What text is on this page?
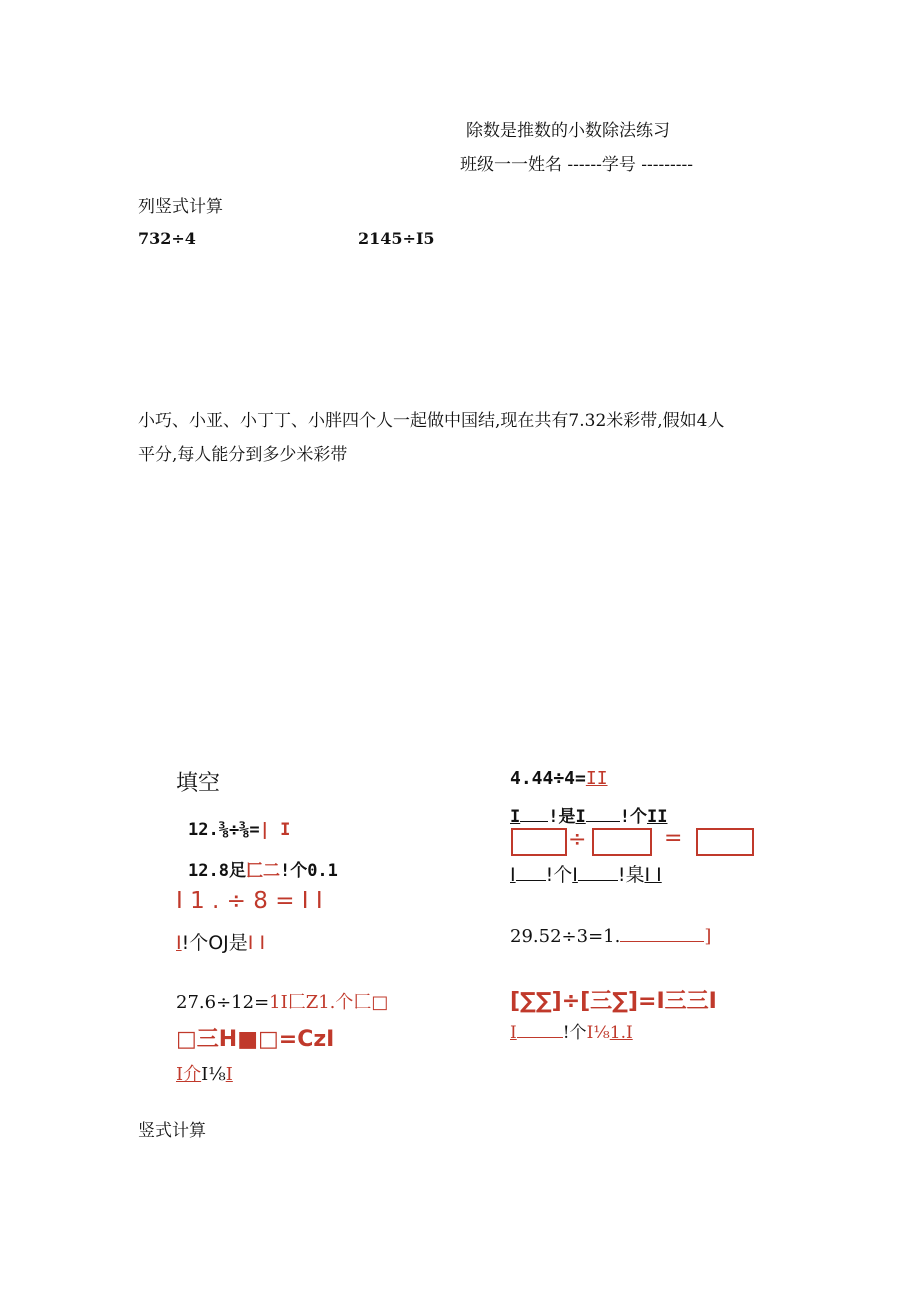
除数是推数的小数除法练习
班级一一姓名 ------学号 ---------
列竖式计算
732÷4	2145÷I5
小巧、小亚、小丁丁、小胖四个人一起做中国结,现在共有7.32米彩带,假如4人
平分,每人能分到多少米彩带
填空
12.⅜÷⅜=| I
12.8足匚二!个0.1
I 1 . ÷ 8 = I I
I!个OJ是I I
27.6÷12=1I匚Z1.个匚□
□三H■□=CzI
I介I⅛I
4.44÷4=II
I !是I !个II
÷	=
I !个I !臬I I
29.52÷3=1.	]
[∑∑]÷[三∑]=I三三I
I	!个I⅛1.I
竖式计算
